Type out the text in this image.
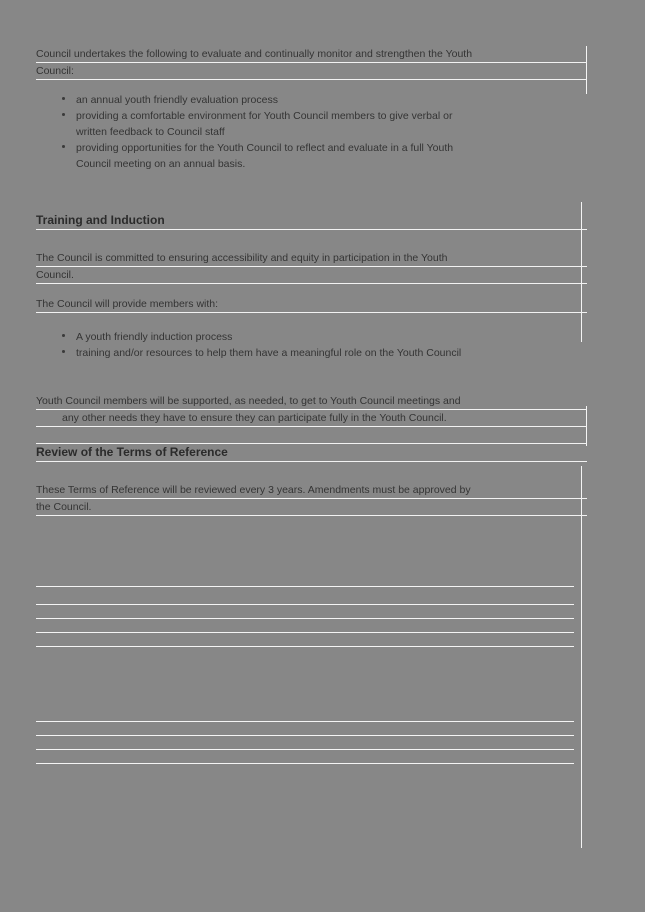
Council undertakes the following to evaluate and continually monitor and strengthen the Youth
Council:
an annual youth friendly evaluation process
providing a comfortable environment for Youth Council members to give verbal or
written feedback to Council staff
providing opportunities for the Youth Council to reflect and evaluate in a full Youth
Council meeting on an annual basis.
Training and Induction
The Council is committed to ensuring accessibility and equity in participation in the Youth
Council.
The Council will provide members with:
A youth friendly induction process
training and/or resources to help them have a meaningful role on the Youth Council
Youth Council members will be supported, as needed, to get to Youth Council meetings and
any other needs they have to ensure they can participate fully in the Youth Council.
Review of the Terms of Reference
These Terms of Reference will be reviewed every 3 years. Amendments must be approved by
the Council.
